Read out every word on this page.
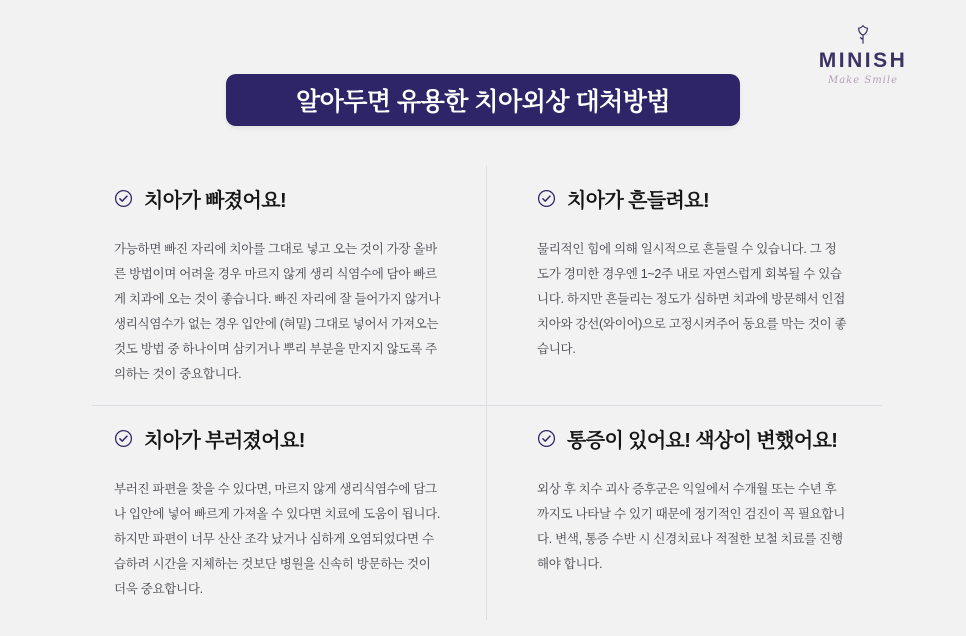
MINISH
Make Smile
알아두면 유용한 치아외상 대처방법
치아가 빠졌어요!
가능하면 빠진 자리에 치아를 그대로 넣고 오는 것이 가장 올바른 방법이며 어려울 경우 마르지 않게 생리 식염수에 담아 빠르게 치과에 오는 것이 좋습니다. 빠진 자리에 잘 들어가지 않거나 생리식염수가 없는 경우 입안에 (혀밑) 그대로 넣어서 가져오는 것도 방법 중 하나이며 삼키거나 뿌리 부분을 만지지 않도록 주의하는 것이 중요합니다.
치아가 흔들려요!
물리적인 힘에 의해 일시적으로 흔들릴 수 있습니다. 그 정도가 경미한 경우엔 1~2주 내로 자연스럽게 회복될 수 있습니다. 하지만 흔들리는 정도가 심하면 치과에 방문해서 인접 치아와 강선(와이어)으로 고정시켜주어 동요를 막는 것이 좋습니다.
치아가 부러졌어요!
부러진 파편을 찾을 수 있다면, 마르지 않게 생리식염수에 담그나 입안에 넣어 빠르게 가져올 수 있다면 치료에 도움이 됩니다. 하지만 파편이 너무 산산 조각 났거나 심하게 오염되었다면 수습하려 시간을 지체하는 것보단 병원을 신속히 방문하는 것이 더욱 중요합니다.
통증이 있어요! 색상이 변했어요!
외상 후 치수 괴사 증후군은 익일에서 수개월 또는 수년 후까지도 나타날 수 있기 때문에 정기적인 검진이 꼭 필요합니다. 변색, 통증 수반 시 신경치료나 적절한 보철 치료를 진행해야 합니다.
